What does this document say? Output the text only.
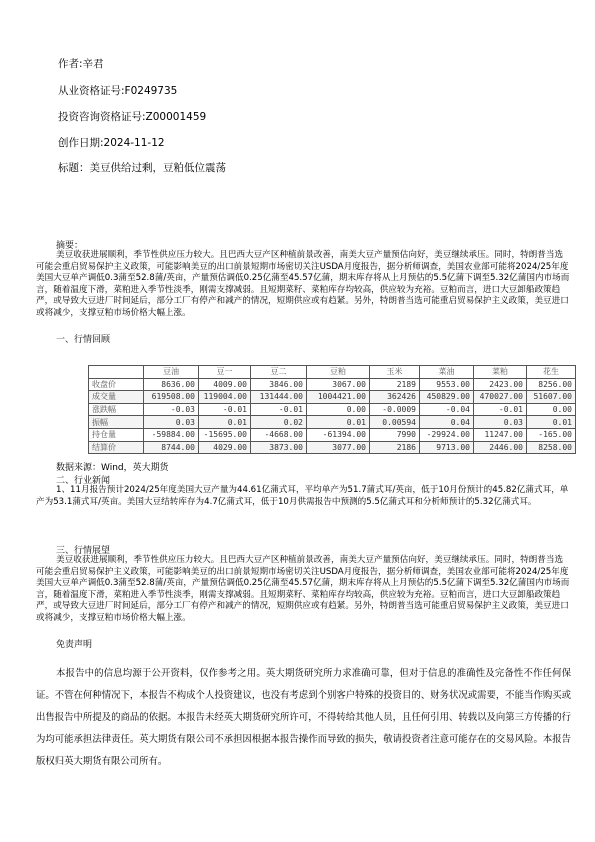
作者:辛君
从业资格证号:F0249735
投资咨询资格证号:Z00001459
创作日期:2024-11-12
标题：美豆供给过剩，豆粕低位震荡
摘要：
美豆收获进展顺利，季节性供应压力较大。且巴西大豆产区种植前景改善，南美大豆产量预估向好，美豆继续承压。同时，特朗普当选可能会重启贸易保护主义政策，可能影响美豆的出口前景短期市场密切关注USDA月度报告，据分析师调查，美国农业部可能将2024/25年度美国大豆单产调低0.3蒲至52.8蒲/英亩，产量预估调低0.25亿蒲至45.57亿蒲，期末库存将从上月预估的5.5亿蒲下调至5.32亿蒲国内市场而言，随着温度下滑，菜粕进入季节性淡季，刚需支撑减弱。且短期菜籽、菜粕库存均较高，供应较为充裕。豆粕而言，进口大豆卸船政策趋严，或导致大豆进厂时间延后，部分工厂有停产和减产的情况，短期供应或有趋紧。另外，特朗普当选可能重启贸易保护主义政策，美豆进口或将减少，支撑豆粕市场价格大幅上涨。
一、行情回顾
	豆油	豆一	豆二	豆粕	玉米	菜油	菜粕	花生
收盘价	8636.00	4009.00	3846.00	3067.00	2189	9553.00	2423.00	8256.00
成交量	619508.00	119004.00	131444.00	1004421.00	362426	450829.00	470027.00	51607.00
涨跌幅	-0.03	-0.01	-0.01	0.00	-0.0009	-0.04	-0.01	0.00
振幅	0.03	0.01	0.02	0.01	0.00594	0.04	0.03	0.01
持仓量	-59884.00	-15695.00	-4668.00	-61394.00	7990	-29924.00	11247.00	-165.00
结算价	8744.00	4029.00	3873.00	3077.00	2186	9713.00	2446.00	8258.00
数据来源：Wind，英大期货
二、行业新闻
1、11月报告预计2024/25年度美国大豆产量为44.61亿蒲式耳，平均单产为51.7蒲式耳/英亩，低于10月份预计的45.82亿蒲式耳，单产为53.1蒲式耳/英亩。美国大豆结转库存为4.7亿蒲式耳，低于10月供需报告中预测的5.5亿蒲式耳和分析师预计的5.32亿蒲式耳。
三、行情展望
美豆收获进展顺利，季节性供应压力较大。且巴西大豆产区种植前景改善，南美大豆产量预估向好，美豆继续承压。同时，特朗普当选可能会重启贸易保护主义政策，可能影响美豆的出口前景短期市场密切关注USDA月度报告，据分析师调查，美国农业部可能将2024/25年度美国大豆单产调低0.3蒲至52.8蒲/英亩，产量预估调低0.25亿蒲至45.57亿蒲，期末库存将从上月预估的5.5亿蒲下调至5.32亿蒲国内市场而言，随着温度下滑，菜粕进入季节性淡季，刚需支撑减弱。且短期菜籽、菜粕库存均较高，供应较为充裕。豆粕而言，进口大豆卸船政策趋严，或导致大豆进厂时间延后，部分工厂有停产和减产的情况，短期供应或有趋紧。另外，特朗普当选可能重启贸易保护主义政策，美豆进口或将减少，支撑豆粕市场价格大幅上涨。
免责声明
本报告中的信息均源于公开资料，仅作参考之用。英大期货研究所力求准确可靠，但对于信息的准确性及完备性不作任何保证。不管在何种情况下，本报告不构成个人投资建议，也没有考虑到个别客户特殊的投资目的、财务状况或需要，不能当作购买或出售报告中所提及的商品的依据。本报告未经英大期货研究所许可，不得转给其他人员，且任何引用、转载以及向第三方传播的行为均可能承担法律责任。英大期货有限公司不承担因根据本报告操作而导致的损失，敬请投资者注意可能存在的交易风险。本报告版权归英大期货有限公司所有。
